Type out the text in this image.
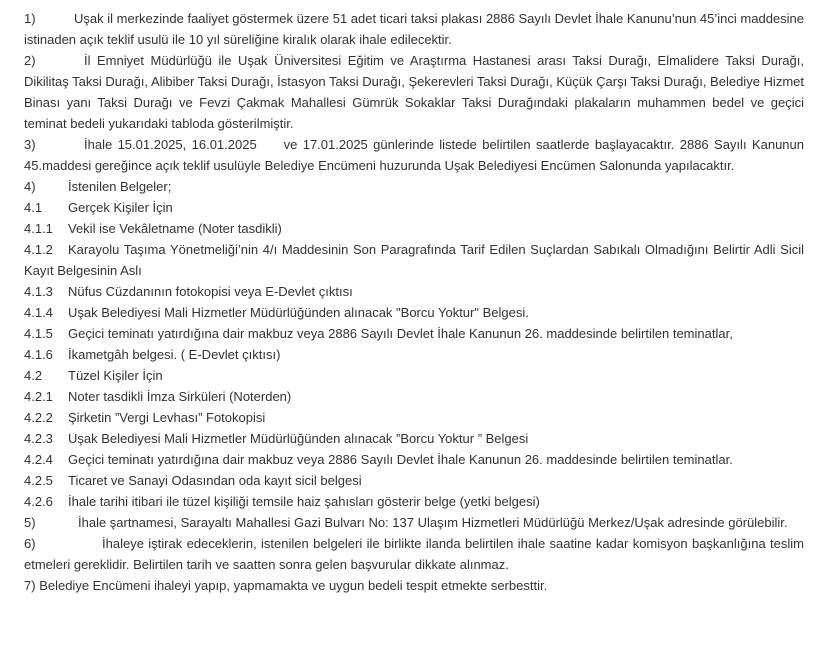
1)	Uşak il merkezinde faaliyet göstermek üzere 51 adet ticari taksi plakası 2886 Sayılı Devlet İhale Kanunu’nun 45’inci maddesine istinaden açık teklif usulü ile 10 yıl süreliğine kiralık olarak ihale edilecektir.

2)	İl Emniyet Müdürlüğü ile Uşak Üniversitesi Eğitim ve Araştırma Hastanesi arası Taksi Durağı, Elmalidere Taksi Durağı, Dikilitaş Taksi Durağı, Alibiber Taksi Durağı, İstasyon Taksi Durağı, Şekerevleri Taksi Durağı, Küçük Çarşı Taksi Durağı, Belediye Hizmet Binası yanı Taksi Durağı ve Fevzi Çakmak Mahallesi Gümrük Sokaklar Taksi Durağındaki plakaların muhammen bedel ve geçici teminat bedeli yukarıdaki tabloda gösterilmiştir.

3)	İhale 15.01.2025, 16.01.2025     ve 17.01.2025 günlerinde listede belirtilen saatlerde başlayacaktır. 2886 Sayılı Kanunun 45.maddesi gereğince açık teklif usulüyle Belediye Encümeni huzurunda Uşak Belediyesi Encümen Salonunda yapılacaktır.

4) İstenilen Belgeler;

4.1 Gerçek Kişiler İçin

4.1.1 Vekil ise Vekâletname (Noter tasdikli)

4.1.2 Karayolu Taşıma Yönetmeliği’nin 4/ı Maddesinin Son Paragrafında Tarif Edilen Suçlardan Sabıkalı Olmadığını Belirtir Adli Sicil Kayıt Belgesinin Aslı

4.1.3 Nüfus Cüzdanının fotokopisi veya E-Devlet çıktısı

4.1.4 Uşak Belediyesi Mali Hizmetler Müdürlüğünden alınacak "Borcu Yoktur" Belgesi.

4.1.5 Geçici teminatı yatırdığına dair makbuz veya 2886 Sayılı Devlet İhale Kanunun 26. maddesinde belirtilen teminatlar,

4.1.6 İkametgâh belgesi. ( E-Devlet çıktısı)

4.2 Tüzel Kişiler İçin

4.2.1 Noter tasdikli İmza Sirküleri (Noterden)

4.2.2 Şirketin ”Vergi Levhası” Fotokopisi

4.2.3 Uşak Belediyesi Mali Hizmetler Müdürlüğünden alınacak ”Borcu Yoktur ” Belgesi

4.2.4 Geçici teminatı yatırdığına dair makbuz veya 2886 Sayılı Devlet İhale Kanunun 26. maddesinde belirtilen teminatlar.

4.2.5 Ticaret ve Sanayi Odasından oda kayıt sicil belgesi

4.2.6 İhale tarihi itibari ile tüzel kişiliği temsile haiz şahısları gösterir belge (yetki belgesi)

5)	İhale şartnamesi, Sarayaltı Mahallesi Gazi Bulvarı No: 137 Ulaşım Hizmetleri Müdürlüğü Merkez/Uşak adresinde görülebilir.

6)	İhaleye iştirak edeceklerin, istenilen belgeleri ile birlikte ilanda belirtilen ihale saatine kadar komisyon başkanlığına teslim etmeleri gereklidir. Belirtilen tarih ve saatten sonra gelen başvurular dikkate alınmaz.

7) Belediye Encümeni ihaleyi yapıp, yapmamakta ve uygun bedeli tespit etmekte serbesttir.
